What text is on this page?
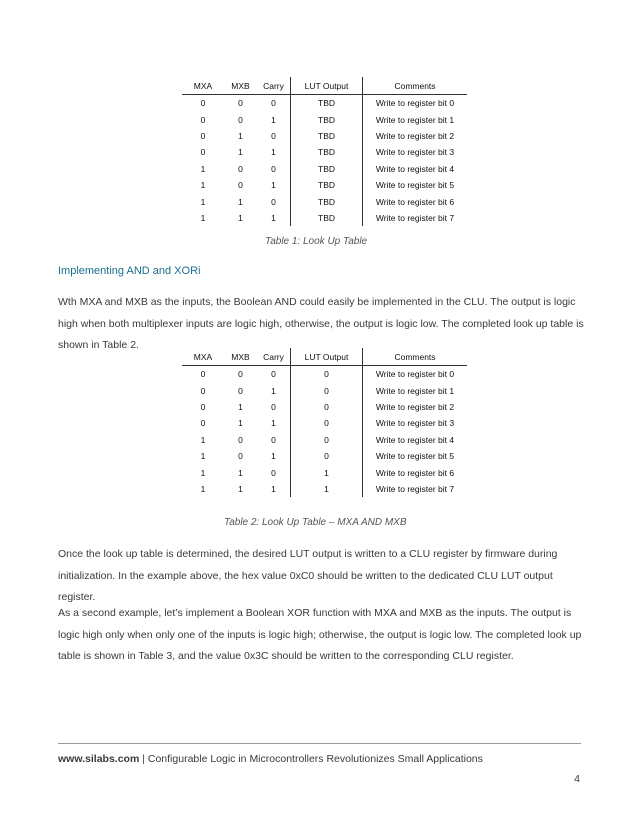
MXA	MXB	Carry	LUT Output	Comments
0	0	0	TBD	Write to register bit 0
0	0	1	TBD	Write to register bit 1
0	1	0	TBD	Write to register bit 2
0	1	1	TBD	Write to register bit 3
1	0	0	TBD	Write to register bit 4
1	0	1	TBD	Write to register bit 5
1	1	0	TBD	Write to register bit 6
1	1	1	TBD	Write to register bit 7
Table 1: Look Up Table
Implementing AND and XORi

Wth MXA and MXB as the inputs, the Boolean AND could easily be implemented in the CLU. The output is logic high when both multiplexer inputs are logic high, otherwise, the output is logic low. The completed look up table is shown in Table 2.

MXA	MXB	Carry	LUT Output	Comments
0	0	0	0	Write to register bit 0
0	0	1	0	Write to register bit 1
0	1	0	0	Write to register bit 2
0	1	1	0	Write to register bit 3
1	0	0	0	Write to register bit 4
1	0	1	0	Write to register bit 5
1	1	0	1	Write to register bit 6
1	1	1	1	Write to register bit 7
Table 2: Look Up Table – MXA AND MXB

Once the look up table is determined, the desired LUT output is written to a CLU register by firmware during initialization. In the example above, the hex value 0xC0 should be written to the dedicated CLU LUT output register.

As a second example, let’s implement a Boolean XOR function with MXA and MXB as the inputs. The output is logic high only when only one of the inputs is logic high; otherwise, the output is logic low. The completed look up table is shown in Table 3, and the value 0x3C should be written to the corresponding CLU register.

www.silabs.com | Configurable Logic in Microcontrollers Revolutionizes Small Applications
4
